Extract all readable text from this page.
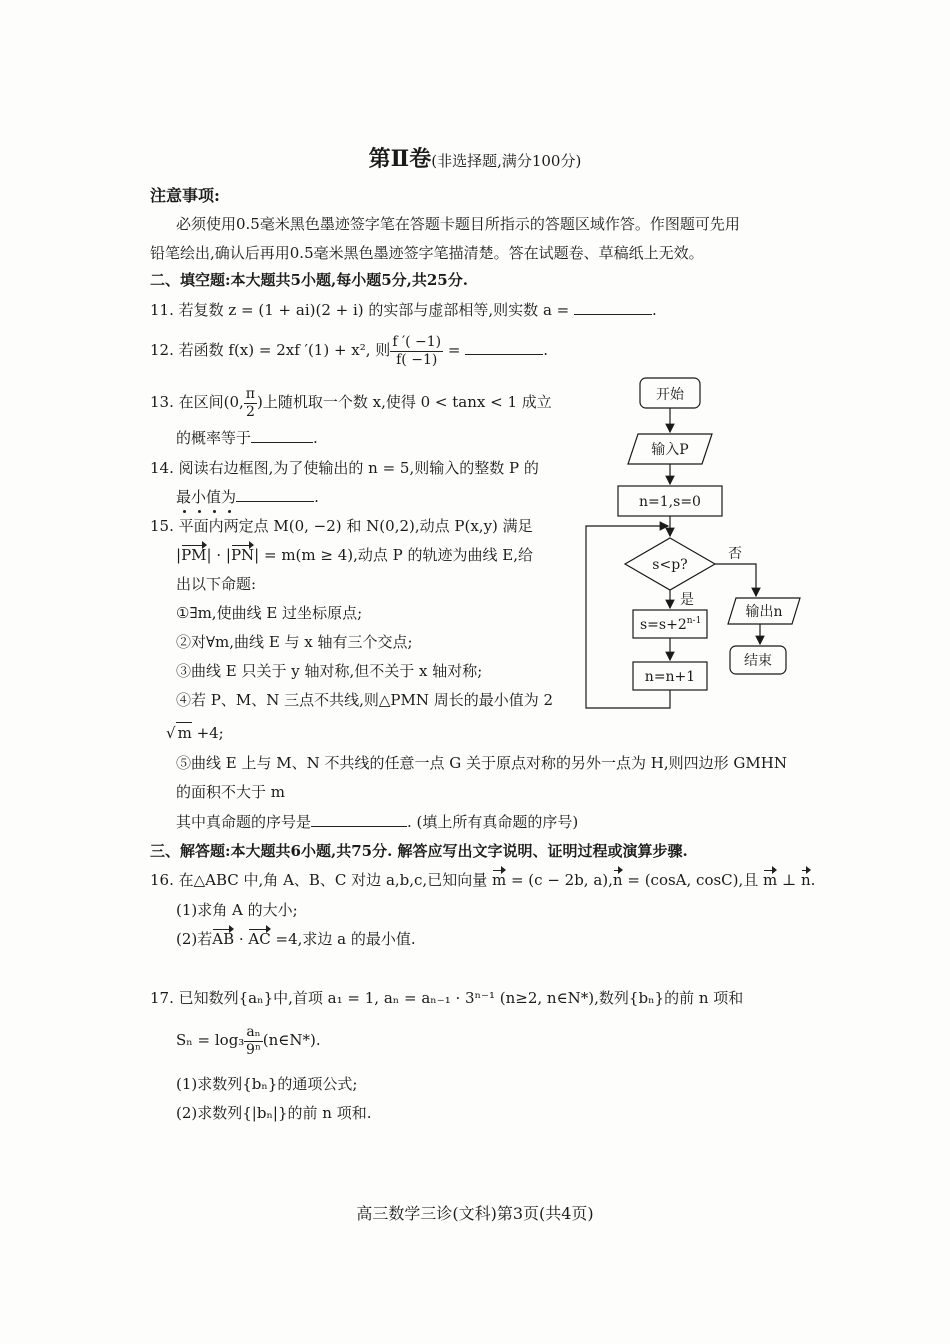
第Ⅱ卷(非选择题,满分100分)
注意事项:
必须使用0.5毫米黑色墨迹签字笔在答题卡题目所指示的答题区域作答。作图题可先用
铅笔绘出,确认后再用0.5毫米黑色墨迹签字笔描清楚。答在试题卷、草稿纸上无效。
二、填空题:本大题共5小题,每小题5分,共25分.
11. 若复数 z = (1 + ai)(2 + i) 的实部与虚部相等,则实数 a =	.
12. 若函数 f(x) = 2xf ′(1) + x², 则 $\frac{f '( -1)}{f( -1)}$ =	.
13. 在区间(0, $\frac{\pi}{2}$ )上随机取一个数 x,使得 0 < tanx < 1 成立
的概率等于	.
14. 阅读右边框图,为了使输出的 n = 5,则输入的整数 P 的
最小值为	.
15. 平面内两定点 M(0, −2) 和 N(0,2),动点 P(x,y) 满足
|PM| · |PN| = m(m ≥ 4),动点 P 的轨迹为曲线 E,给
出以下命题:
①∃m,使曲线 E 过坐标原点;
②对∀m,曲线 E 与 x 轴有三个交点;
③曲线 E 只关于 y 轴对称,但不关于 x 轴对称;
④若 P、M、N 三点不共线,则△PMN 周长的最小值为 2
√ m +4;
⑤曲线 E 上与 M、N 不共线的任意一点 G 关于原点对称的另外一点为 H,则四边形 GMHN
的面积不大于 m
其中真命题的序号是	. (填上所有真命题的序号)
三、解答题:本大题共6小题,共75分. 解答应写出文字说明、证明过程或演算步骤.
16. 在△ABC 中,角 A、B、C 对边 a,b,c,已知向量 m = (c − 2b, a),n = (cosA, cosC),且 m ⊥ n.
(1)求角 A 的大小;
(2)若AB · AC =4,求边 a 的最小值.
17. 已知数列{aₙ}中,首项 a₁ = 1, aₙ = aₙ₋₁ · 3ⁿ⁻¹ (n≥2, n∈N*),数列{bₙ}的前 n 项和
$S_n = \log_3 \frac{\text{aₙ}}{\text{9ⁿ}}$ (n∈N*).
(1)求数列{bₙ}的通项公式;
(2)求数列{|bₙ|}的前 n 项和.
开始
输入P
n=1,s=0
s<p?
是
否
$s=s+2^{n-1}$
n=n+1
输出n
结束
高三数学三诊(文科)第3页(共4页)
